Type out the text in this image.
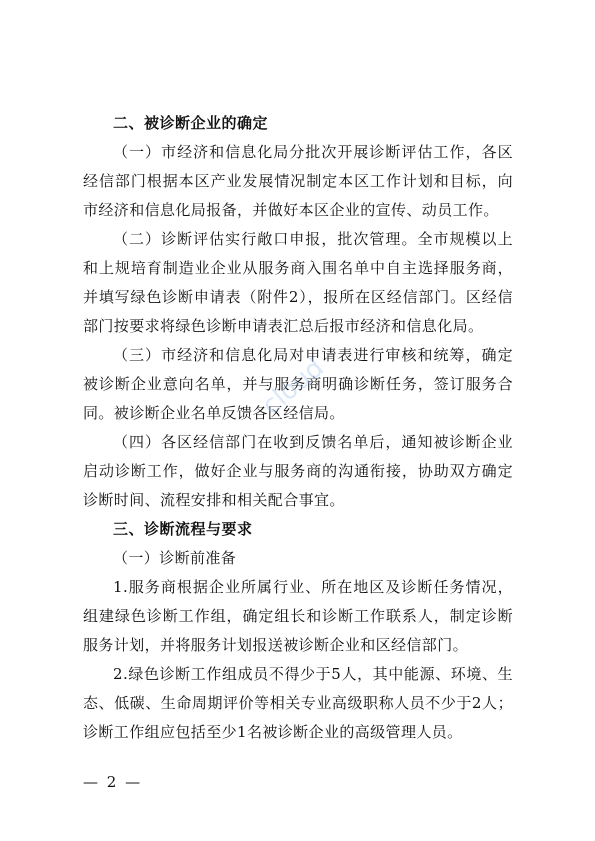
二、被诊断企业的确定

（一）市经济和信息化局分批次开展诊断评估工作，各区经信部门根据本区产业发展情况制定本区工作计划和目标，向市经济和信息化局报备，并做好本区企业的宣传、动员工作。

（二）诊断评估实行敞口申报，批次管理。全市规模以上和上规培育制造业企业从服务商入围名单中自主选择服务商，并填写绿色诊断申请表（附件2），报所在区经信部门。区经信部门按要求将绿色诊断申请表汇总后报市经济和信息化局。

（三）市经济和信息化局对申请表进行审核和统筹，确定被诊断企业意向名单，并与服务商明确诊断任务，签订服务合同。被诊断企业名单反馈各区经信局。

（四）各区经信部门在收到反馈名单后，通知被诊断企业启动诊断工作，做好企业与服务商的沟通衔接，协助双方确定诊断时间、流程安排和相关配合事宜。

三、诊断流程与要求

（一）诊断前准备

1.服务商根据企业所属行业、所在地区及诊断任务情况，组建绿色诊断工作组，确定组长和诊断工作联系人，制定诊断服务计划，并将服务计划报送被诊断企业和区经信部门。

2.绿色诊断工作组成员不得少于5人，其中能源、环境、生态、低碳、生命周期评价等相关专业高级职称人员不少于2人；诊断工作组应包括至少1名被诊断企业的高级管理人员。

cloud
— 2 —
